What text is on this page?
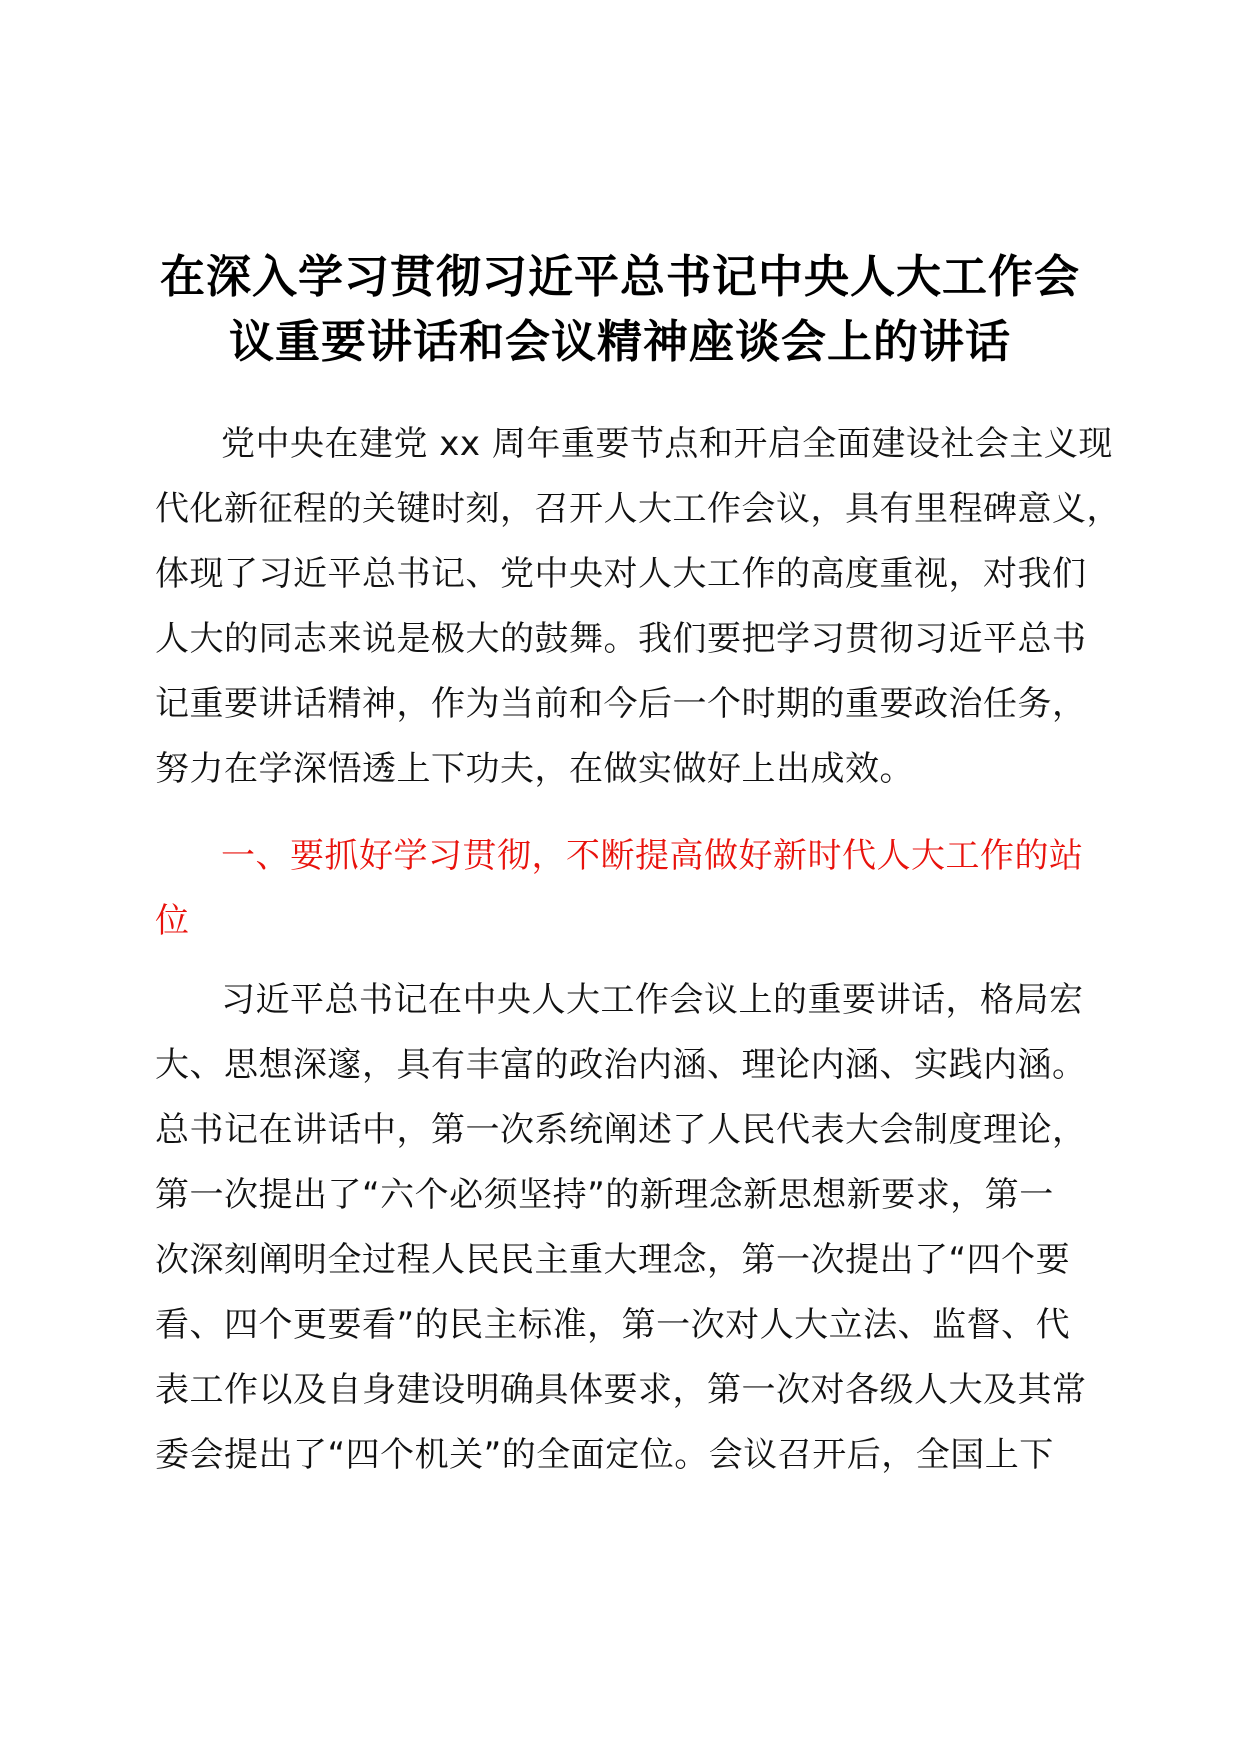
在深入学习贯彻习近平总书记中央人大工作会
议重要讲话和会议精神座谈会上的讲话
党中央在建党 xx 周年重要节点和开启全面建设社会主义现
代化新征程的关键时刻，召开人大工作会议，具有里程碑意义，
体现了习近平总书记、党中央对人大工作的高度重视，对我们
人大的同志来说是极大的鼓舞。我们要把学习贯彻习近平总书
记重要讲话精神，作为当前和今后一个时期的重要政治任务，
努力在学深悟透上下功夫，在做实做好上出成效。
一、要抓好学习贯彻，不断提高做好新时代人大工作的站
位
习近平总书记在中央人大工作会议上的重要讲话，格局宏
大、思想深邃，具有丰富的政治内涵、理论内涵、实践内涵。
总书记在讲话中，第一次系统阐述了人民代表大会制度理论，
第一次提出了“六个必须坚持”的新理念新思想新要求，第一
次深刻阐明全过程人民民主重大理念，第一次提出了“四个要
看、四个更要看”的民主标准，第一次对人大立法、监督、代
表工作以及自身建设明确具体要求，第一次对各级人大及其常
委会提出了“四个机关”的全面定位。会议召开后，全国上下
